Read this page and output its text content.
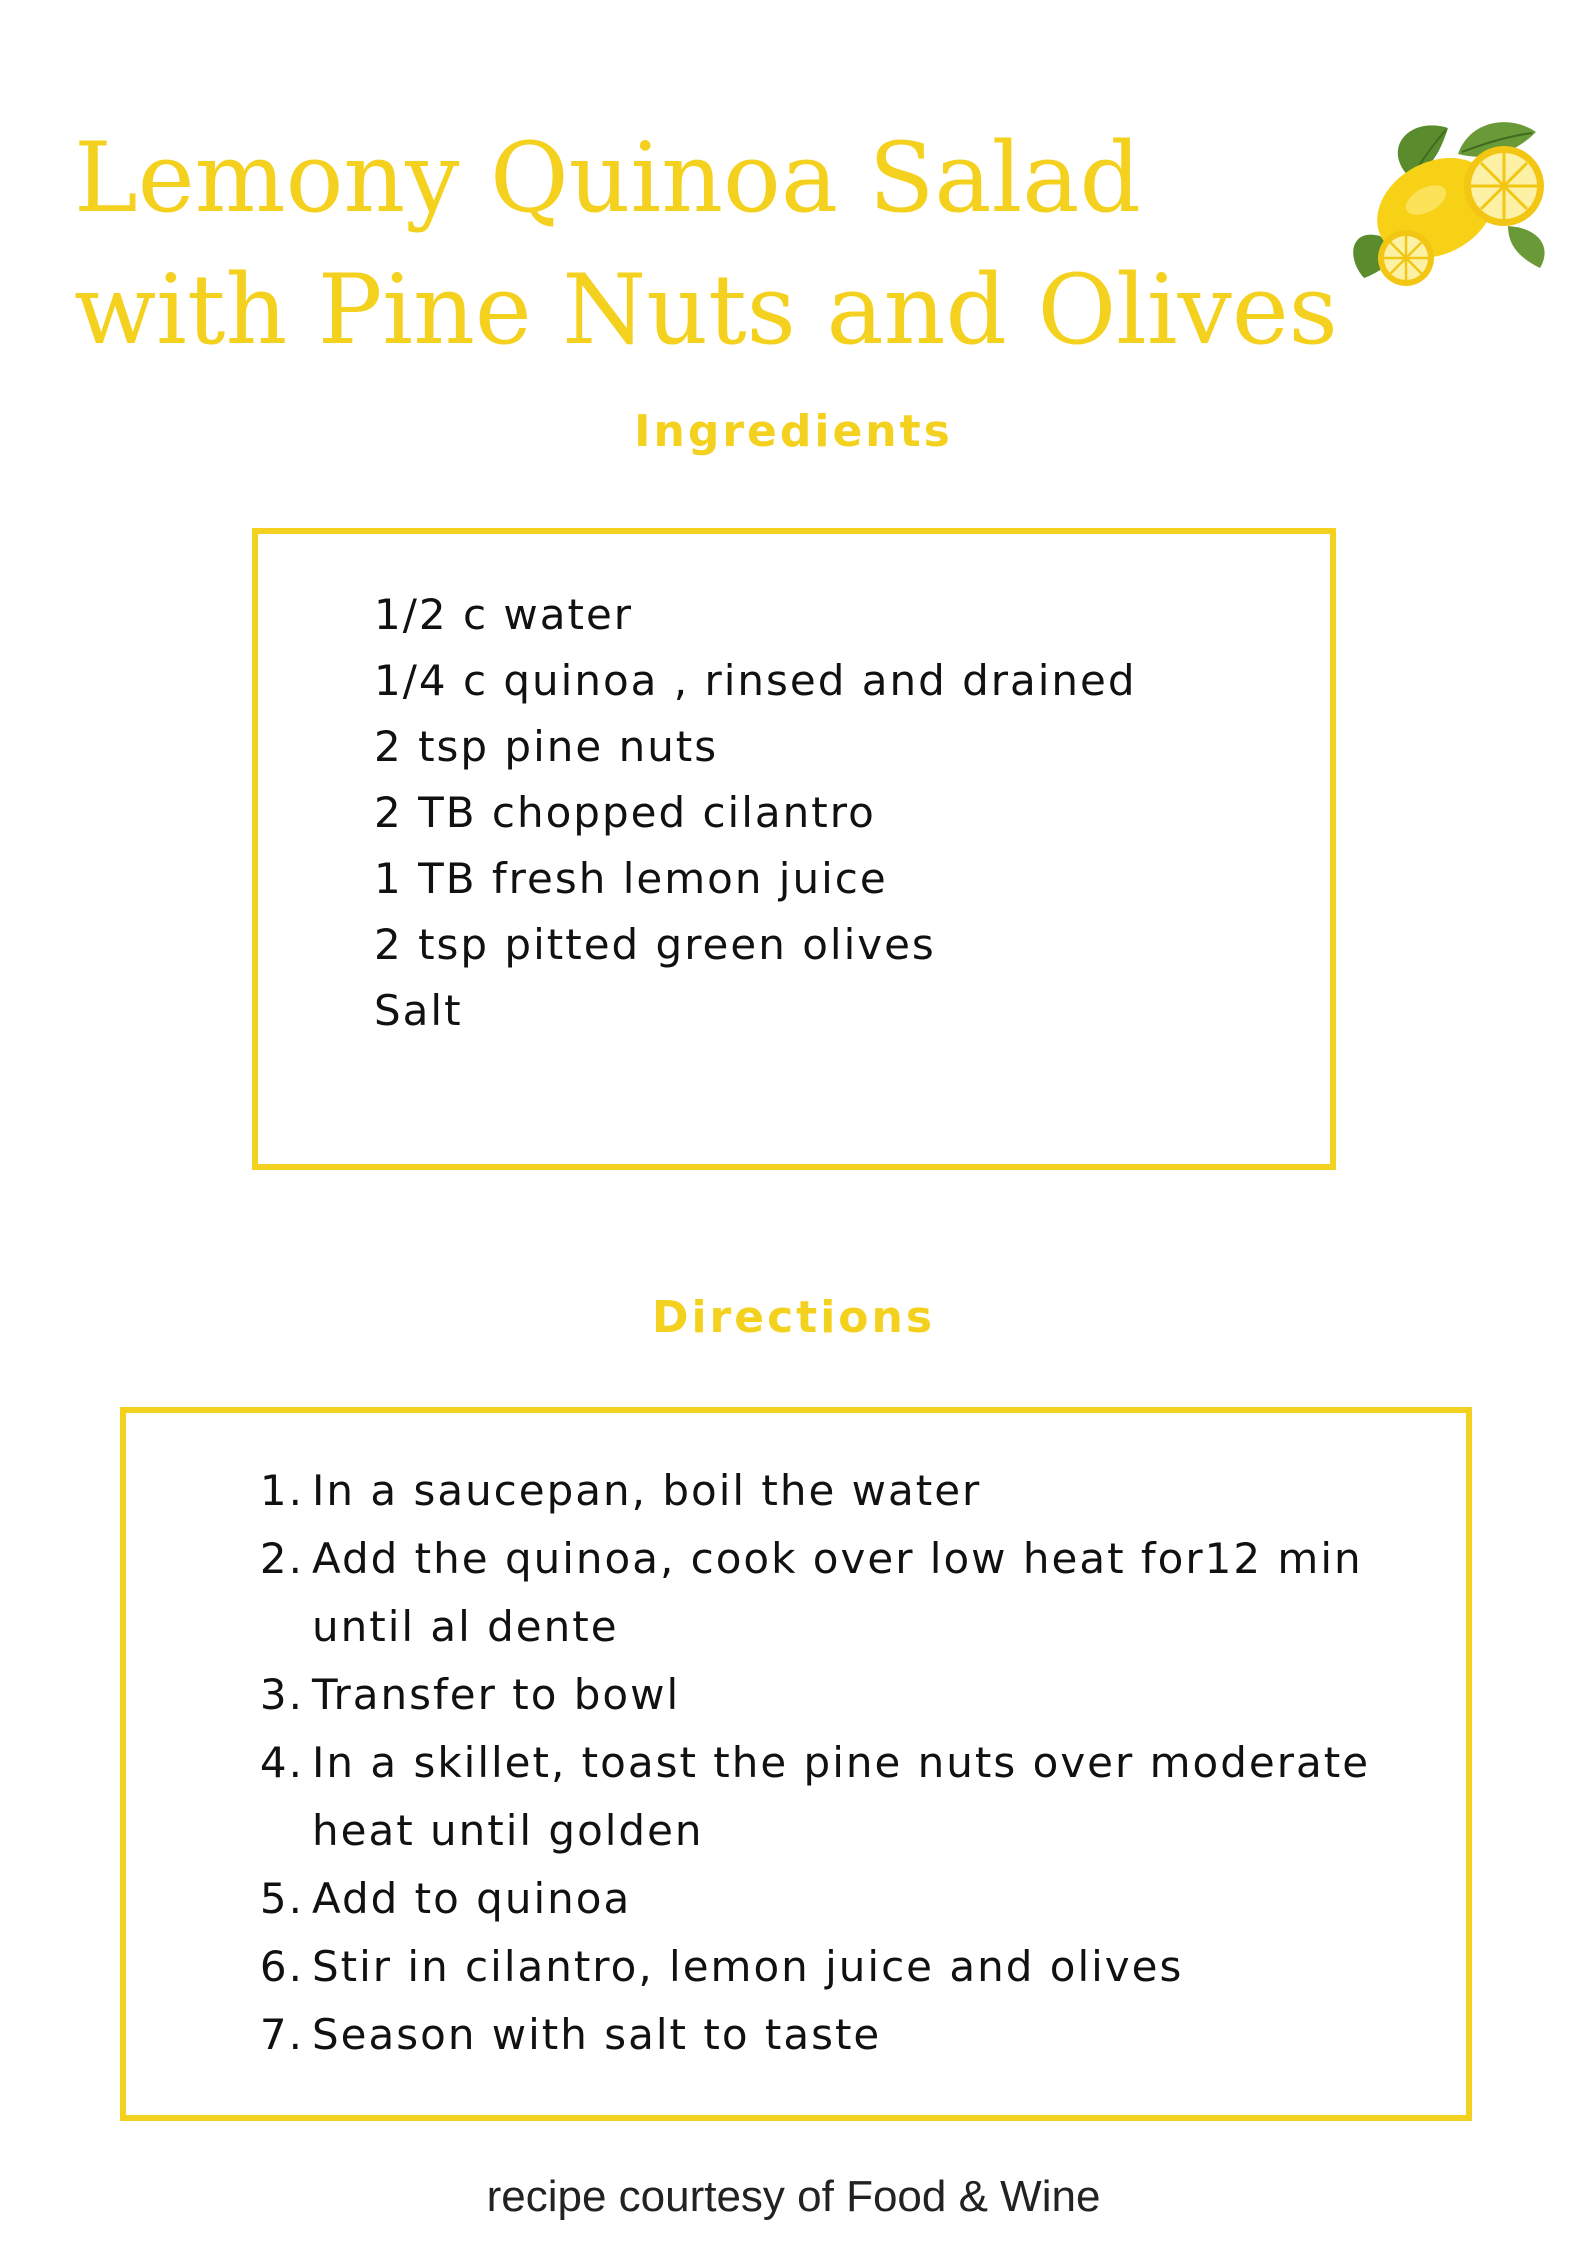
Lemony Quinoa Salad
with Pine Nuts and Olives
Ingredients
1/2 c water
1/4 c quinoa , rinsed and drained
2 tsp pine nuts
2 TB chopped cilantro
1 TB fresh lemon juice
2 tsp pitted green olives
Salt
Directions
1. In a saucepan, boil the water
2. Add the quinoa, cook over low heat for12 min until al dente
3. Transfer to bowl
4. In a skillet, toast the pine nuts over moderate heat until golden
5. Add to quinoa
6. Stir in cilantro, lemon juice and olives
7. Season with salt to taste

recipe courtesy of Food & Wine
